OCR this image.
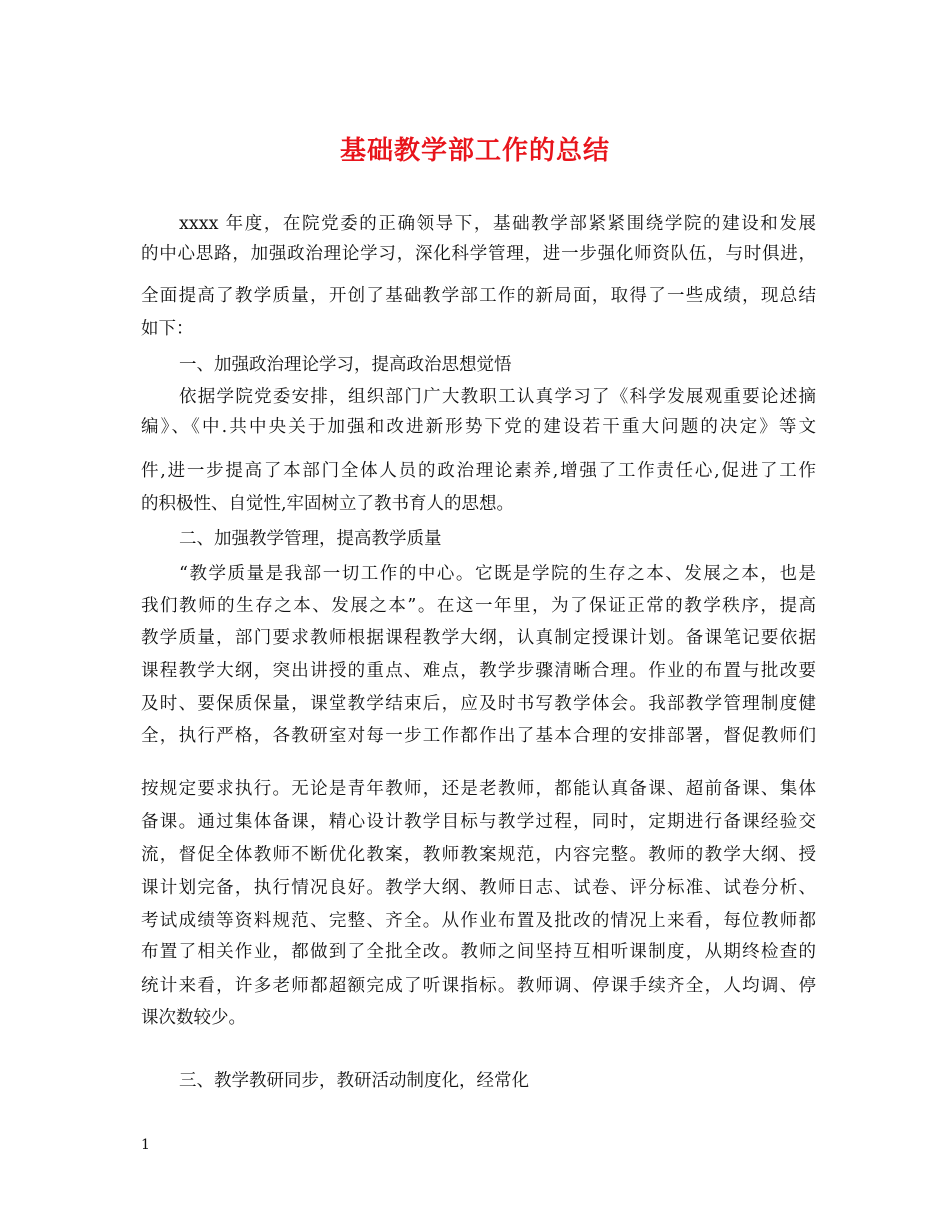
基础教学部工作的总结
xxxx 年度，在院党委的正确领导下，基础教学部紧紧围绕学院的建设和发展
的中心思路，加强政治理论学习，深化科学管理，进一步强化师资队伍，与时俱进，
全面提高了教学质量，开创了基础教学部工作的新局面，取得了一些成绩，现总结
如下：
一、加强政治理论学习，提高政治思想觉悟
依据学院党委安排，组织部门广大教职工认真学习了《科学发展观重要论述摘
编》、《中.共中央关于加强和改进新形势下党的建设若干重大问题的决定》等文
件,进一步提高了本部门全体人员的政治理论素养,增强了工作责任心,促进了工作
的积极性、自觉性,牢固树立了教书育人的思想。
二、加强教学管理，提高教学质量
“教学质量是我部一切工作的中心。它既是学院的生存之本、发展之本，也是
我们教师的生存之本、发展之本”。在这一年里，为了保证正常的教学秩序，提高
教学质量，部门要求教师根据课程教学大纲，认真制定授课计划。备课笔记要依据
课程教学大纲，突出讲授的重点、难点，教学步骤清晰合理。作业的布置与批改要
及时、要保质保量，课堂教学结束后，应及时书写教学体会。我部教学管理制度健
全，执行严格，各教研室对每一步工作都作出了基本合理的安排部署，督促教师们
按规定要求执行。无论是青年教师，还是老教师，都能认真备课、超前备课、集体
备课。通过集体备课，精心设计教学目标与教学过程，同时，定期进行备课经验交
流，督促全体教师不断优化教案，教师教案规范，内容完整。教师的教学大纲、授
课计划完备，执行情况良好。教学大纲、教师日志、试卷、评分标准、试卷分析、
考试成绩等资料规范、完整、齐全。从作业布置及批改的情况上来看，每位教师都
布置了相关作业，都做到了全批全改。教师之间坚持互相听课制度，从期终检查的
统计来看，许多老师都超额完成了听课指标。教师调、停课手续齐全，人均调、停
课次数较少。
三、教学教研同步，教研活动制度化，经常化
1
